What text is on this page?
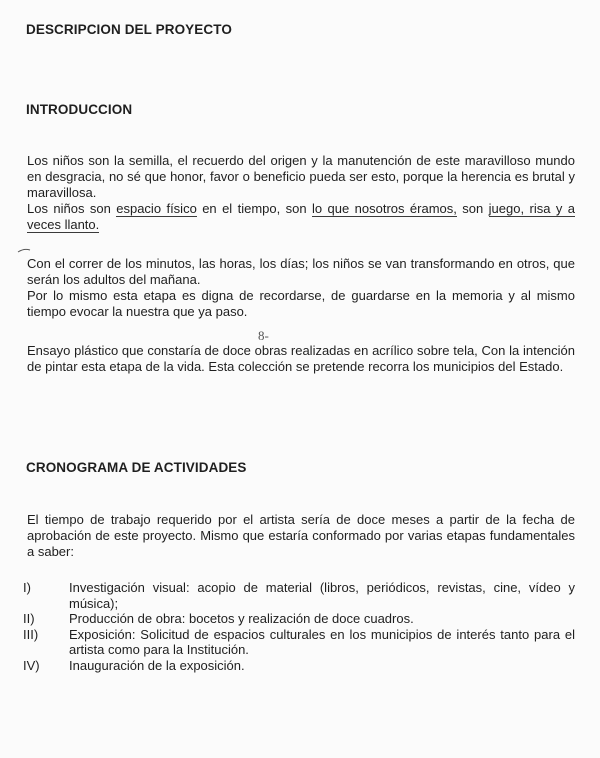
DESCRIPCION DEL PROYECTO
INTRODUCCION

Los niños son la semilla, el recuerdo del origen y la manutención de este maravilloso mundo en desgracia, no sé que honor, favor o beneficio pueda ser esto, porque la herencia es brutal y maravillosa.

Los niños son espacio físico en el tiempo, son lo que nosotros éramos, son juego, risa y a veces llanto.

Con el correr de los minutos, las horas, los días; los niños se van transformando en otros, que serán los adultos del mañana.

Por lo mismo esta etapa es digna de recordarse, de guardarse en la memoria y al mismo tiempo evocar la nuestra que ya paso.

Ensayo plástico que constaría de doce obras realizadas en acrílico sobre tela, Con la intención de pintar esta etapa de la vida. Esta colección se pretende recorra los municipios del Estado.

CRONOGRAMA DE ACTIVIDADES

El tiempo de trabajo requerido por el artista sería de doce meses a partir de la fecha de aprobación de este proyecto. Mismo que estaría conformado por varias etapas fundamentales a saber:

I)	Investigación visual: acopio de material (libros, periódicos, revistas, cine, vídeo y música);
II)	Producción de obra: bocetos y realización de doce cuadros.
III)	Exposición: Solicitud de espacios culturales en los municipios de interés tanto para el artista como para la Institución.
IV)	Inauguración de la exposición.
8-
